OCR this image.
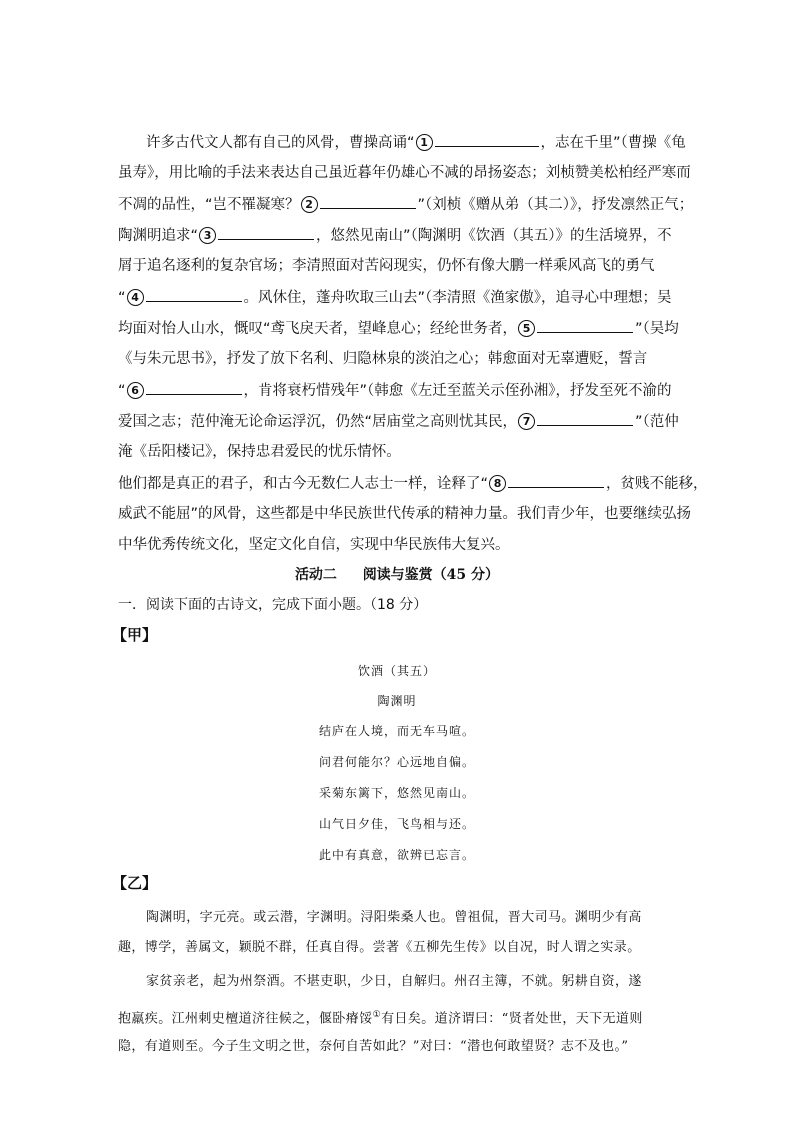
许多古代文人都有自己的风骨，曹操高诵“ 1	，志在千里”（曹操《龟
虽寿》，用比喻的手法来表达自己虽近暮年仍雄心不减的昂扬姿态；刘桢赞美松柏经严寒而
不凋的品性，“岂不罹凝寒？ 2	”（刘桢《赠从弟（其二）》，抒发凛然正气；
陶渊明追求“ 3	，悠然见南山”（陶渊明《饮酒（其五）》的生活境界，不
屑于追名逐利的复杂官场；李清照面对苦闷现实，仍怀有像大鹏一样乘风高飞的勇气
“ 4	。风休住，蓬舟吹取三山去”（李清照《渔家傲》，追寻心中理想；吴
均面对怡人山水，慨叹“鸢飞戾天者，望峰息心；经纶世务者， 5	”（吴均
《与朱元思书》，抒发了放下名利、归隐林泉的淡泊之心；韩愈面对无辜遭贬，誓言
“ 6	，肯将衰朽惜残年”（韩愈《左迁至蓝关示侄孙湘》，抒发至死不渝的
爱国之志；范仲淹无论命运浮沉，仍然“居庙堂之高则忧其民， 7	”（范仲
淹《岳阳楼记》，保持忠君爱民的忧乐情怀。
他们都是真正的君子，和古今无数仁人志士一样，诠释了“ 8	，贫贱不能移，
威武不能屈”的风骨，这些都是中华民族世代传承的精神力量。我们青少年，也要继续弘扬
中华优秀传统文化，坚定文化自信，实现中华民族伟大复兴。
活动二 阅读与鉴赏（45 分）
一．阅读下面的古诗文，完成下面小题。（18 分）
【甲】
饮酒（其五）
陶渊明
结庐在人境，而无车马喧。
问君何能尔？心远地自偏。
采菊东篱下，悠然见南山。
山气日夕佳，飞鸟相与还。
此中有真意，欲辨已忘言。
【乙】
陶渊明，字元亮。或云潜，字渊明。浔阳柴桑人也。曾祖侃，晋大司马。渊明少有高
趣，博学，善属文，颖脱不群，任真自得。尝著《五柳先生传》以自况，时人谓之实录。
家贫亲老，起为州祭酒。不堪吏职，少日，自解归。州召主簿，不就。躬耕自资，遂
抱羸疾。江州刺史檀道济往候之，偃卧瘠馁①有日矣。道济谓曰：“贤者处世，天下无道则
隐，有道则至。今子生文明之世，奈何自苦如此？”对曰：“潜也何敢望贤？志不及也。”
